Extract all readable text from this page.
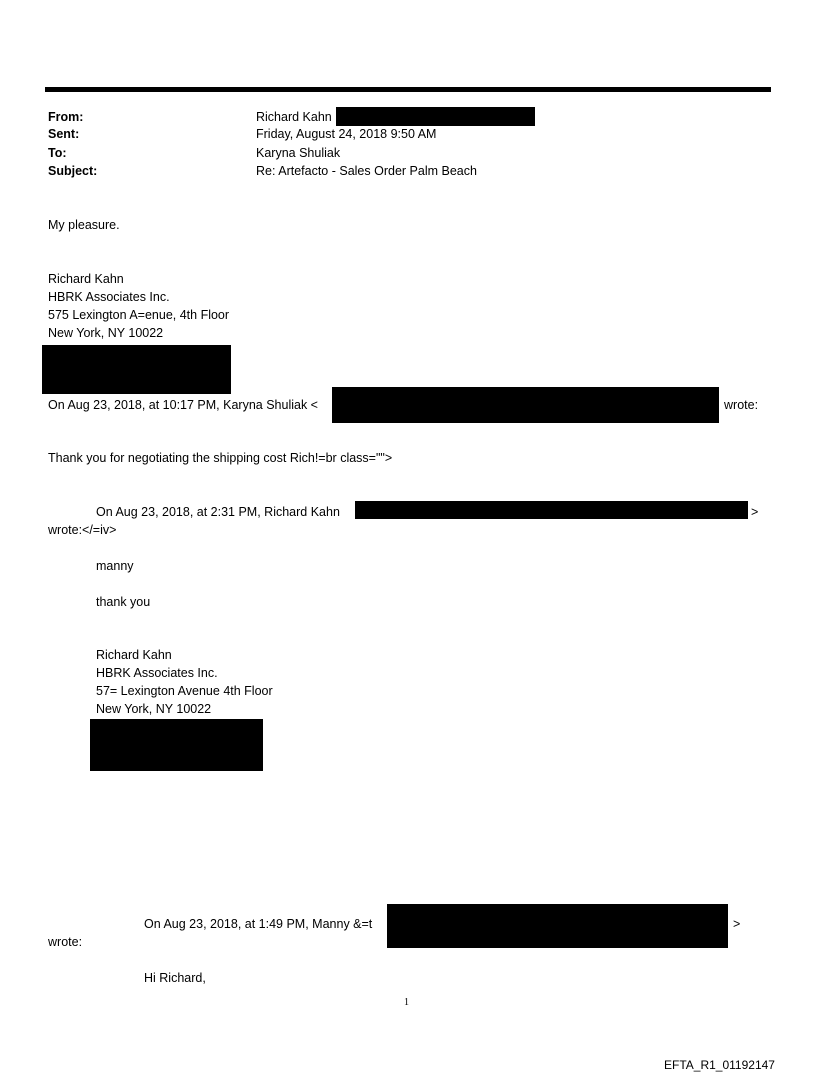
From:	Richard Kahn
Sent:	Friday, August 24, 2018 9:50 AM
To:	Karyna Shuliak
Subject:	Re: Artefacto - Sales Order Palm Beach
My pleasure.
Richard Kahn
HBRK Associates Inc.
575 Lexington A=enue, 4th Floor
New York, NY 10022
On Aug 23, 2018, at 10:17 PM, Karyna Shuliak <	wrote:
Thank you for negotiating the shipping cost Rich!=br class="">
On Aug 23, 2018, at 2:31 PM, Richard Kahn	>
wrote:</=iv>
manny
thank you
Richard Kahn
HBRK Associates Inc.
57= Lexington Avenue 4th Floor
New York, NY 10022
On Aug 23, 2018, at 1:49 PM, Manny &=t	>
wrote:
Hi Richard,
1
EFTA_R1_01192147
